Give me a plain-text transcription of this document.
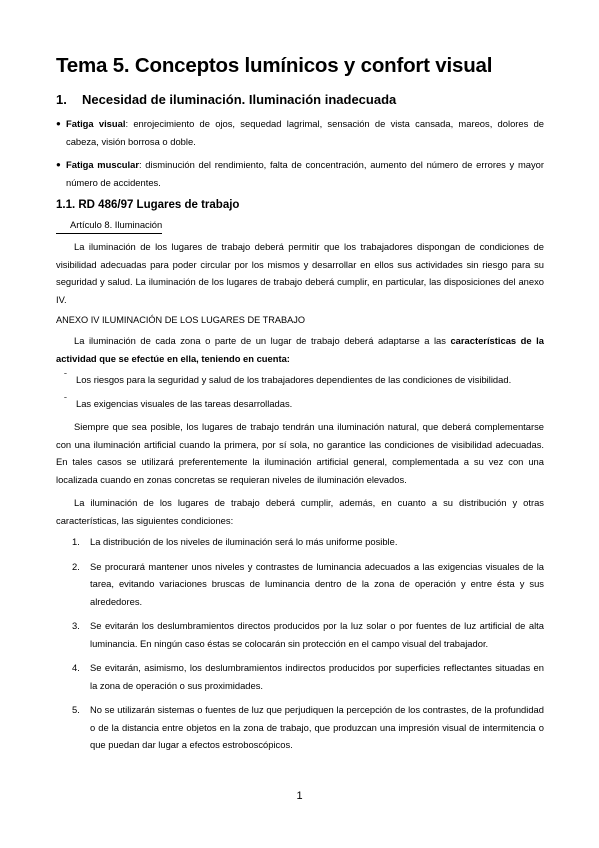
Tema 5. Conceptos lumínicos y confort visual
1. Necesidad de iluminación. Iluminación inadecuada
● Fatiga visual: enrojecimiento de ojos, sequedad lagrimal, sensación de vista cansada, mareos, dolores de cabeza, visión borrosa o doble.
● Fatiga muscular: disminución del rendimiento, falta de concentración, aumento del número de errores y mayor número de accidentes.
1.1. RD 486/97 Lugares de trabajo
Artículo 8. Iluminación

La iluminación de los lugares de trabajo deberá permitir que los trabajadores dispongan de condiciones de visibilidad adecuadas para poder circular por los mismos y desarrollar en ellos sus actividades sin riesgo para su seguridad y salud. La iluminación de los lugares de trabajo deberá cumplir, en particular, las disposiciones del anexo IV.

ANEXO IV ILUMINACIÓN DE LOS LUGARES DE TRABAJO

La iluminación de cada zona o parte de un lugar de trabajo deberá adaptarse a las características de la actividad que se efectúe en ella, teniendo en cuenta:

ˉ Los riesgos para la seguridad y salud de los trabajadores dependientes de las condiciones de visibilidad.
ˉ Las exigencias visuales de las tareas desarrolladas.

Siempre que sea posible, los lugares de trabajo tendrán una iluminación natural, que deberá complementarse con una iluminación artificial cuando la primera, por sí sola, no garantice las condiciones de visibilidad adecuadas. En tales casos se utilizará preferentemente la iluminación artificial general, complementada a su vez con una localizada cuando en zonas concretas se requieran niveles de iluminación elevados.

La iluminación de los lugares de trabajo deberá cumplir, además, en cuanto a su distribución y otras características, las siguientes condiciones:

1. La distribución de los niveles de iluminación será lo más uniforme posible.
2. Se procurará mantener unos niveles y contrastes de luminancia adecuados a las exigencias visuales de la tarea, evitando variaciones bruscas de luminancia dentro de la zona de operación y entre ésta y sus alrededores.
3. Se evitarán los deslumbramientos directos producidos por la luz solar o por fuentes de luz artificial de alta luminancia. En ningún caso éstas se colocarán sin protección en el campo visual del trabajador.
4. Se evitarán, asimismo, los deslumbramientos indirectos producidos por superficies reflectantes situadas en la zona de operación o sus proximidades.
5. No se utilizarán sistemas o fuentes de luz que perjudiquen la percepción de los contrastes, de la profundidad o de la distancia entre objetos en la zona de trabajo, que produzcan una impresión visual de intermitencia o que puedan dar lugar a efectos estroboscópicos.
1
